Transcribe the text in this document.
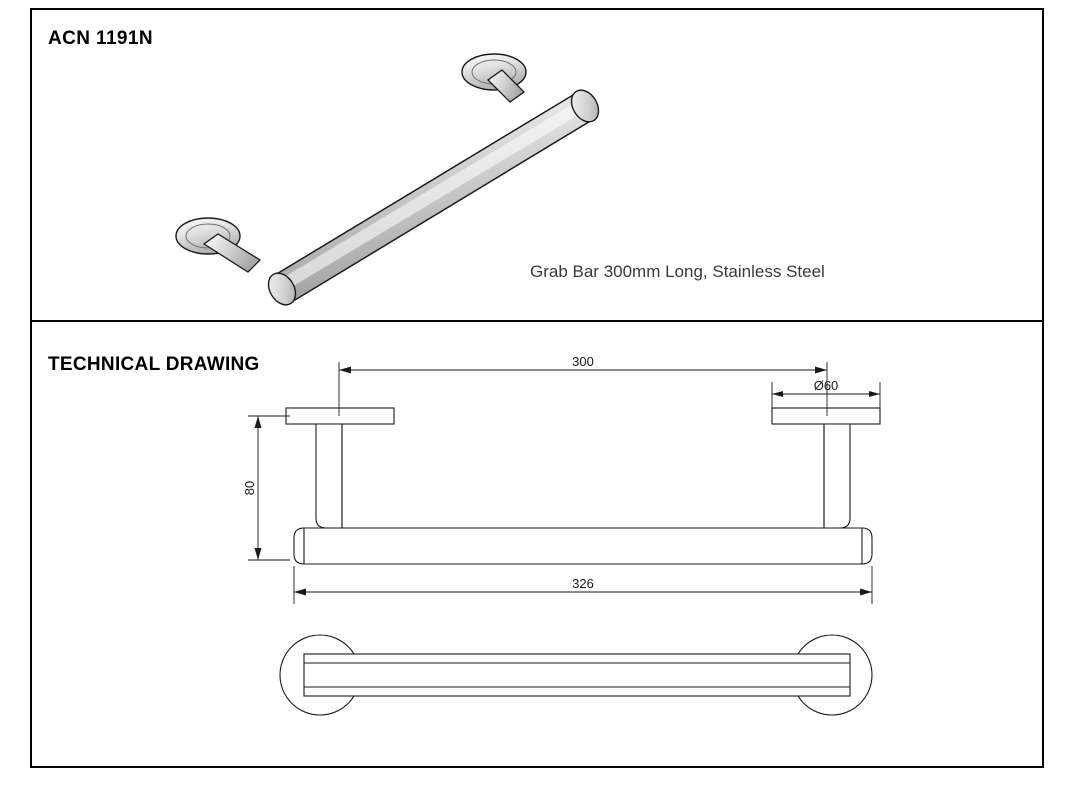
ACN 1191N
Grab Bar 300mm Long, Stainless Steel
TECHNICAL DRAWING	300
Ø60
80
326
